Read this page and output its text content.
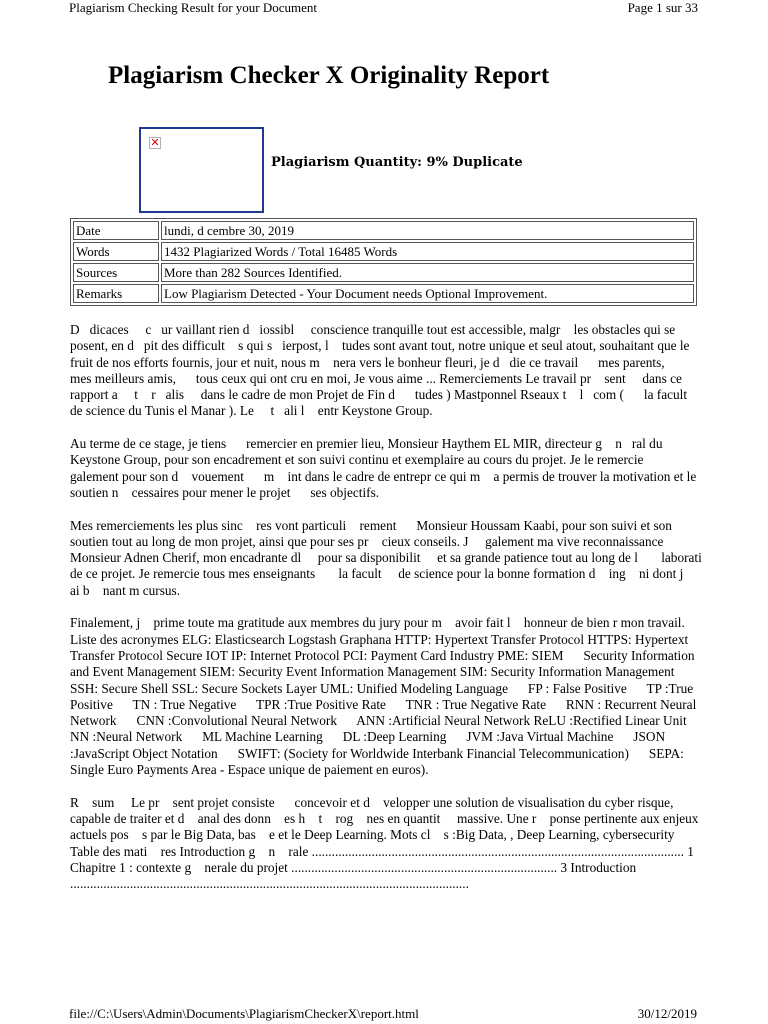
Plagiarism Checking Result for your Document	Page 1 sur 33
Plagiarism Checker X Originality Report
✕
Plagiarism Quantity: 9% Duplicate
Date	lundi, d cembre 30, 2019
Words	1432 Plagiarized Words / Total 16485 Words
Sources	More than 282 Sources Identified.
Remarks	Low Plagiarism Detected - Your Document needs Optional Improvement.

D   dicaces     c   ur vaillant rien d   iossibl     conscience tranquille tout est accessible, malgr    les obstacles qui se posent, en d   pit des difficult    s qui s   ierpost, l    tudes sont avant tout, notre unique et seul atout, souhaitant que le fruit de nos efforts fournis, jour et nuit, nous m    nera vers le bonheur fleuri, je d   die ce travail      mes parents,      mes meilleurs amis,      tous ceux qui ont cru en moi, Je vous aime ... Remerciements Le travail pr    sent     dans ce rapport a     t    r   alis     dans le cadre de mon Projet de Fin d      tudes ) Mastponnel Rseaux t    l   com (      la facult     de science du Tunis el Manar ). Le     t   ali l    entr Keystone Group.

Au terme de ce stage, je tiens      remercier en premier lieu, Monsieur Haythem EL MIR, directeur g    n   ral du Keystone Group, pour son encadrement et son suivi continu et exemplaire au cours du projet. Je le remercie     galement pour son d    vouement      m    int dans le cadre de entrepr ce qui m    a permis de trouver la motivation et le soutien n    cessaires pour mener le projet      ses objectifs.

Mes remerciements les plus sinc    res vont particuli    rement      Monsieur Houssam Kaabi, pour son suivi et son soutien tout au long de mon projet, ainsi que pour ses pr    cieux conseils. J     galement ma vive reconnaissance      Monsieur Adnen Cherif, mon encadrante dl     pour sa disponibilit     et sa grande patience tout au long de l       laborati de ce projet. Je remercie tous mes enseignants       la facult     de science pour la bonne formation d    ing    ni dont j    ai b    nant m cursus.

Finalement, j    prime toute ma gratitude aux membres du jury pour m    avoir fait l    honneur de bien r mon travail. Liste des acronymes ELG: Elasticsearch Logstash Graphana HTTP: Hypertext Transfer Protocol HTTPS: Hypertext Transfer Protocol Secure IOT IP: Internet Protocol PCI: Payment Card Industry PME: SIEM      Security Information and Event Management SIEM: Security Event Information Management SIM: Security Information Management SSH: Secure Shell SSL: Secure Sockets Layer UML: Unified Modeling Language      FP : False Positive      TP :True Positive      TN : True Negative      TPR :True Positive Rate      TNR : True Negative Rate      RNN : Recurrent Neural Network      CNN :Convolutional Neural Network      ANN :Artificial Neural Network ReLU :Rectified Linear Unit      NN :Neural Network      ML Machine Learning      DL :Deep Learning      JVM :Java Virtual Machine      JSON :JavaScript Object Notation      SWIFT: (Society for Worldwide Interbank Financial Telecommunication)      SEPA: Single Euro Payments Area - Espace unique de paiement en euros).

R    sum     Le pr    sent projet consiste      concevoir et d    velopper une solution de visualisation du cyber risque, capable de traiter et d    anal des donn    es h    t    rog    nes en quantit     massive. Une r    ponse pertinente aux enjeux actuels pos    s par le Big Data, bas    e et le Deep Learning. Mots cl    s :Big Data, , Deep Learning, cybersecurity Table des mati    res Introduction g    n    rale ................................................................................................................ 1 Chapitre 1 : contexte g    nerale du projet ................................................................................ 3 Introduction ........................................................................................................................

file://C:\Users\Admin\Documents\PlagiarismCheckerX\report.html	30/12/2019
